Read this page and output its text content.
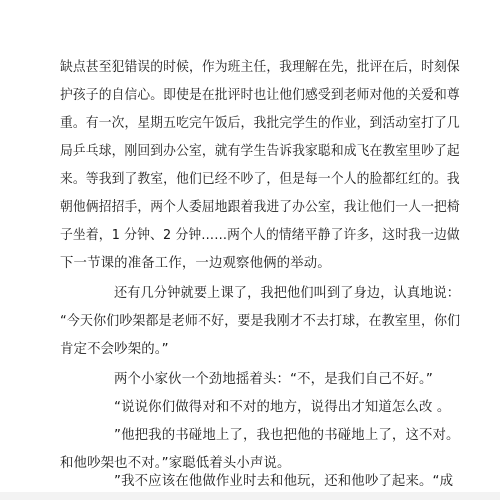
缺点甚至犯错误的时候，作为班主任，我理解在先，批评在后，时刻保
护孩子的自信心。即使是在批评时也让他们感受到老师对他的关爱和尊
重。有一次，星期五吃完午饭后，我批完学生的作业，到活动室打了几
局乒乓球，刚回到办公室，就有学生告诉我家聪和成飞在教室里吵了起
来。等我到了教室，他们已经不吵了，但是每一个人的脸都红红的。我
朝他俩招招手，两个人委屈地跟着我进了办公室，我让他们一人一把椅
子坐着，1 分钟、2 分钟……两个人的情绪平静了许多，这时我一边做
下一节课的准备工作，一边观察他俩的举动。
还有几分钟就要上课了，我把他们叫到了身边，认真地说：
“今天你们吵架都是老师不好，要是我刚才不去打球，在教室里，你们
肯定不会吵架的。”
两个小家伙一个劲地摇着头：“不，是我们自己不好。”
“说说你们做得对和不对的地方，说得出才知道怎么改 。
”他把我的书碰地上了，我也把他的书碰地上了，这不对。
和他吵架也不对。”家聪低着头小声说。
”我不应该在他做作业时去和他玩，还和他吵了起来。“成
